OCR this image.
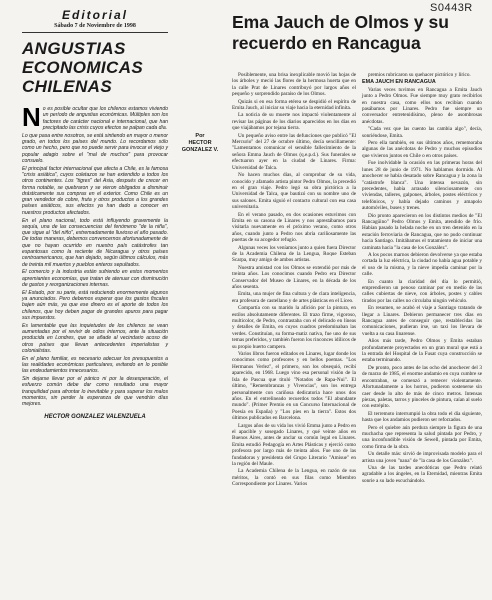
S0443R
Editorial
Sábado 7 de Noviembre de 1998
ANGUSTIAS
ECONOMICAS
CHILENAS

No es posible ocultar que los chilenos estamos viviendo un período de angustias económicas. Múltiples son los factores de carácter nacional e internacional, que han precipitado las crisis cuyos efectos se palpan cada día.

Lo que pasa entre nosotros, se está sintiendo en mayor o menor grado, en todos los países del mundo. Lo recordamos sólo como un hecho, pero que no puede servir para invocar el viejo y popular adagio sobre el "mal de muchos" para provocar consuelo.

El principal factor internacional que afecta a Chile, es la famosa "crisis asiática", cuyos coletazos se han extendido a todos los otros continentes. Los "tigres" del Asia, después de crecer en forma notable, se quebraron y se vieron obligados a disminuir drásticamente sus compras en el exterior. Como Chile es un gran vendedor de cobre, fruta y otros productos a los grandes países asiáticos, sus efectos ya han dado a conocer en nuestros productos afectados.

En el plano nacional, todo está influyendo gravemente la sequía, una de las consecuencias del fenómeno "de la niña", que sigue al "del niño", extremadamente lluvioso el año pasado. De todas maneras, debemos convencernos afortunadamente de que no hayan ocurrido en nuestro país catástrofes tan espantosas como la reciente de Nicaragua y otros países centroamericanos, que han dejado, según últimos cálculos, más de treinta mil muertos y pueblos enteros sepultados.

El comercio y la industria están sufriendo en estos momentos apremiantes economías, que tratan de atenuar con disminución de gastos y reorganizaciones internas.

El Estado, por su parte, está reduciendo enormemente algunos ya anunciados. Pero debemos esperar que los gastos fiscales bajen aún más, ya que ese dinero es el aporte de todos los chilenos, que hoy deben pagar de grandes apuros para pagar sus impuestos.

Es lamentable que las inquietudes de los chilenos se vean aumentadas por el revivir de odios internos, ante la situación producida en Londres, que se añade al vecindario acoso de otros países que llevan antecedentes imperialistas y colonialistas.

En el plano familiar, es necesario adecuar los presupuestos a las realidades económicas particulares, evitando en lo posible las endeudamientos innecesarios.

Sin dejarse llevar por el pánico ni por la desesperación, el esfuerzo común debe dar como resultado una mayor tranquilidad para afrontar lo inevitable y para superar los malos momentos, sin perder la esperanza de que vendrán días mejores.

HECTOR GONZALEZ VALENZUELA
Por
HECTOR GONZALEZ V.
Ema Jauch de Olmos y su recuerdo en Rancagua

Posiblemente, una brisa inexplicable movió las hojas de los árboles y meció las flores de la hermosa huerta que en la calle Prat de Linares contribuyó por largos años el pequeño y sorprendido paraíso de los Olmos.

Quizás si en esa forma etérea se despidió el espíritu de Emita Jauch, al iniciar su viaje hacia la eternidad infinita.

La noticia de su muerte nos impactó violentamente al revisar las páginas de los diarios aparecidos en los días en que viajábamos por tejana tierra.

Un pequeño aviso entre las defunciones que publicó "El Mercurio" del 27 de octubre último, decía sencillamente: "Lamentamos comunicar el sensible fallecimiento de la señora Emma Jauch de Olmos (q.e.p.d.). Sus funerales se efectuaron ayer en la ciudad de Linares. Firma: Universidad de Talca.

No hacen muchos días, al comprobar de su vida, conocido y afamado artista pintor Pedro Olmos, la precedió en el gran viaje. Pedro legó su obra pictórica a la Universidad de Talca, que bautizó con su nombre uno de sus salones. Emita siguió el contacto cultural con esa casa universitaria.

En el verano pasado, en dos ocasiones estuvimos con Emita en su casona de Linares y nos aprestábamos para visitarla nuevamente en el próximo verano, como otros años, cuando junto a Pedro nos abría cariñosamente las puertas de su acogedor refugio.

Algunas veces los veníamos junto a quien fuera Director de la Academia Chilena de la Lengua, Roque Esteban Scarpa, muy amigo de ambos artistas.

Nuestra amistad con los Olmos se extendió por más de treinta años. Los conocimos cuando Pedro era Director Conservador del Museo de Linares, en la década de los años sesenta.

Emita, una mujer de fina cultura y de clara inteligencia, era profesora de castellano y de artes plásticas en el Liceo.

Compartía con su marido la afición por la pintura, en estilos absolutamente diferentes. El trazo firme, vigoroso, multicolor, de Pedro, contrastaba con el delicado en líneas y detalles de Emita, en cuyos cuadros predominaban las verdes. Constituían, su forma-matiz nativa, fue uno de sus temas preferidos, y también fueron los rinconces idílicos de su propio huerto campero.

Varios libros fueron editados en Linares, lugar donde los conocimos como profesores y en bellos poemas. "Los Hermanos Verlez", el primero, son los obsequió, recibí aparecido, en 1968. Luego vino esa personal visión de la Isla de Pascua que tituló "Notados de Rapa-Nui". El último, "Remembranzas y Vivencias", son los entrega personalmente con cariñosa dedicatoria hace unos dos años. En el entrelineado recuerdos todos "El abundante mundo". (Primer Premio en un Concurso Internacional de Poesía en España) y "Los pies en la tierra". Estos dos últimos publicados en Barcelona.

Largos años de su vida los vivió Emma junto a Pedro en el apacible y sosegado Linares, y qué veinte años en Buenos Aires, antes de anclar su común legal en Linares. Emita estudió Pedagogía en Artes Plásticas y ejerció como profesora por largo más de treinta años. Fue uno de las fundadoras y presidenta del Grupo Literario "Amisue" en la región del Maule.

La Academia Chilena de la Lengua, en razón de sus méritos, la contó en sus filas como Miembro Correspondiente por Linares. Varios

premios rubricaron su quehacer pictórico y lírico.

EMA JAUCH EN RANCAGUA

Varias veces tuvimos en Rancagua a Emita Jauch junto a Pedro Olmos. Fue siempre muy grato recibirlos en nuestra casa, como ellos nos recibían cuando pasábamos por Linares. Pedro fue siempre un conversador entretenidísimo, pleno de asombrosas anécdotas.

"Cada vez que las cuento las cambia algo", decía, sonriéndose, Emita.

Pero ella también, en sus últimos años, rememoraba algunas de las anécdotas de Pedro y muchos episodios que vivieron juntos en Chile o en otros países.

Fue inolvidable la ocasión en las primeras horas del lunes 28 de junio de 1971. No hablamos dormido. Al anochecer se había desatado sobre Rancagua y la zona la "catástrofe blanca". Una intensa nevazón, sin precedentes, había arrasado silenciosamente con viviendas, talleres, galpones, árboles, postes eléctricos y telefónicos, y había dejado caminos y amapolo automóviles, buses y trenes.

Dio pronto aparecieron en los distintos medios de "El Rancagüino" Pedro Olmos y Emita, atendido de frío. Habían pasado la helada noche en un tren detenido en la estación ferroviaria de Rancagua, que no pudo continuar hacia Santiago. Imitábamos el tratamiento de iniciar una caminata hacia "la casa de los González".

A los pocos marnos debieron devolverse ya que estaba cortada la luz eléctrica, la ciudad no había agua potable y el uso de la misma, y la nieve impedía caminar por la calle.

En cuanto la claridad del día lo permitió, emprendieron un penoso caminar por en medio de las calles cubiertas de nieve, con árboles, postes y cables tirados por las calles no circulaba ningún vehículo.

En resumen, se acabó el viaje a Santiago tratando de llegar a Linares. Debieron permanecer tres días en Rancagua antes de conseguir que, restablecidas las comunicaciones, pudieran irse, un taxi los llevara de vuelta a su casa linarense.

Años más tarde, Pedro Olmos y Emita estaban profundamente proyectados en un gran mural que está a la entrada del Hospital de la Fusat cuya construcción se estaba terminando.

De pronto, poco antes de las ocho del anochecer del 3 de marzo de 1985, el enorme andamio en cuya cumbre se encontraban, se comenzó a remecer violentamente. Afortunadamente a los horros, pudieron sostenerse sin caer desde lo alto de más de cinco metros. Intensas piezas, paletas, tarros y pinceles de pintura, caían al suelo con estrépito.

El terremoto interrumpió la obra todo el día siguiente, hasta que los andamios pudieron ser reforzados.

Pero el quiebre aún perdura siempre la figura de una muchacha que representa la salud pintada por Pedro, y una inconfundible visión de Sewell, pintada por Emita, como firma de la obra.

Un detalle más: sirvió de improvisada modelo para el artista una joven "nana" de "la casa de los González".

Una de las tardes anecdóticas que Pedro relató agradable a los ángeles, en la Eternidad, mientras Emita sonrie a su lado escuchándolo.
